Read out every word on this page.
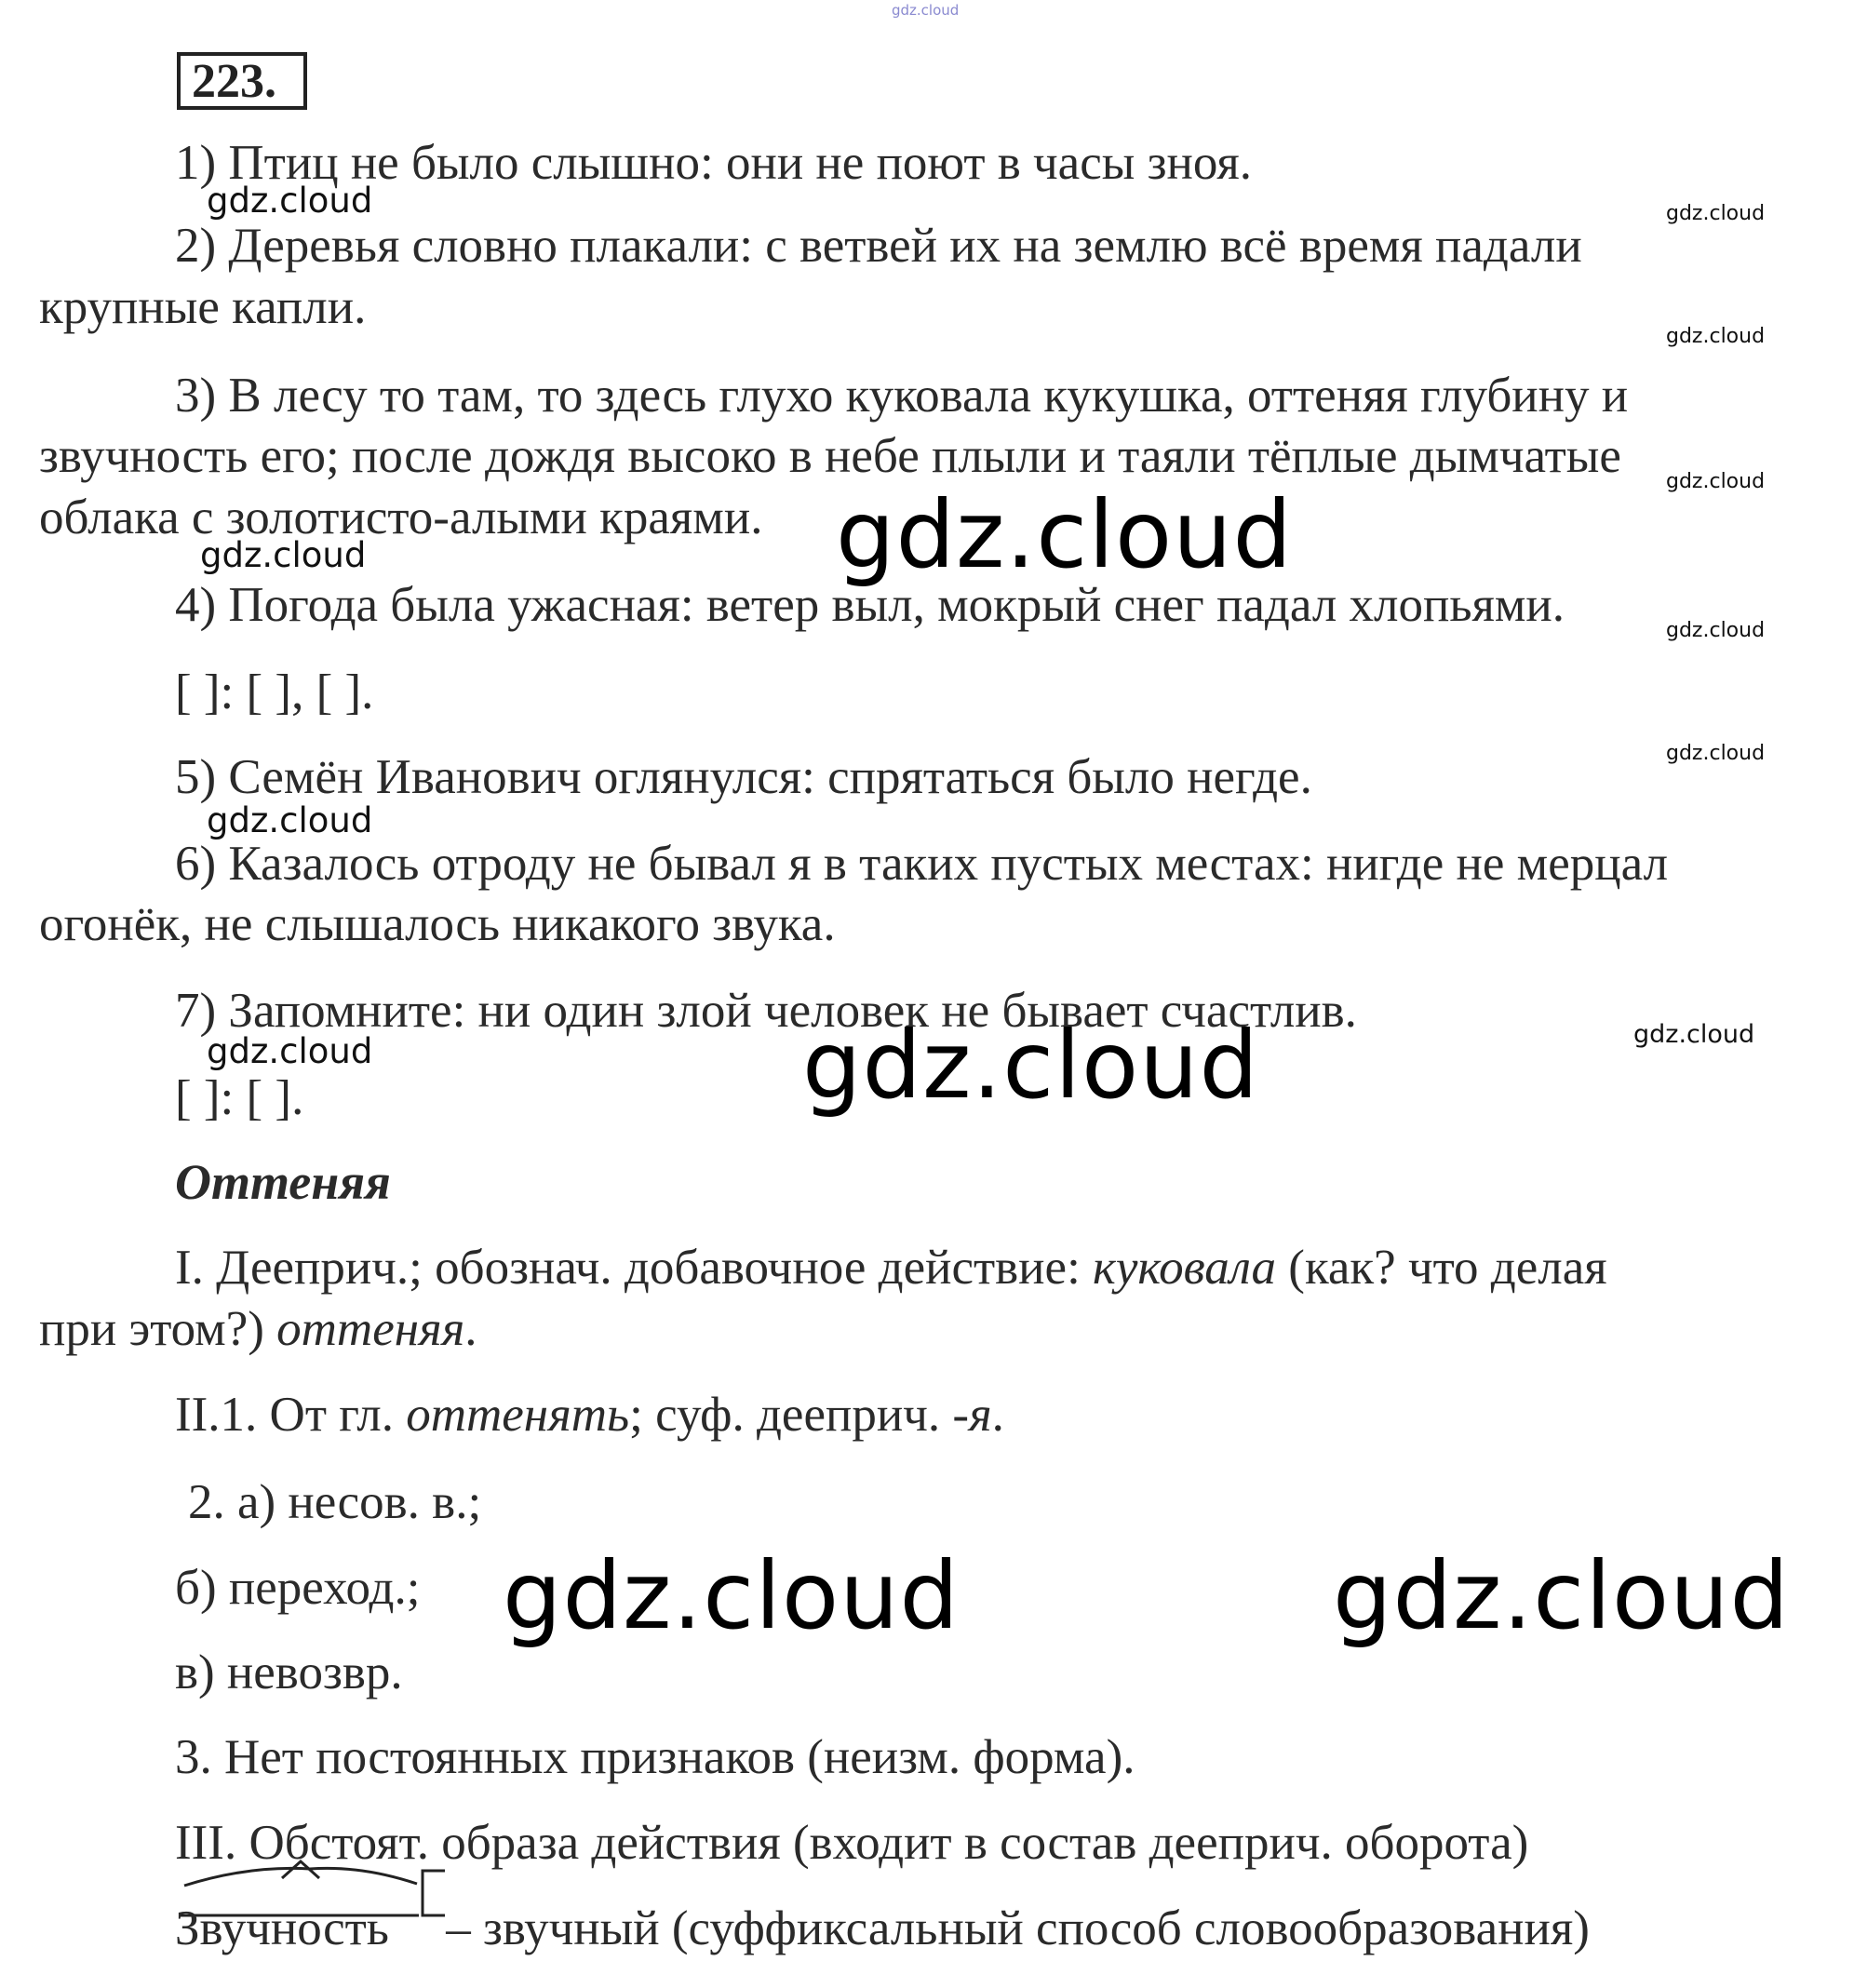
gdz.cloud
223.
1) Птиц не было слышно: они не поют в часы зноя.
2) Деревья словно плакали: с ветвей их на землю всё время падали
крупные капли.
3) В лесу то там, то здесь глухо куковала кукушка, оттеняя глубину и
звучность его; после дождя высоко в небе плыли и таяли тёплые дымчатые
облака с золотисто-алыми краями.
4) Погода была ужасная: ветер выл, мокрый снег падал хлопьями.
[ ]: [ ], [ ].
5) Семён Иванович оглянулся: спрятаться было негде.
6) Казалось отроду не бывал я в таких пустых местах: нигде не мерцал
огонёк, не слышалось никакого звука.
7) Запомните: ни один злой человек не бывает счастлив.
[ ]: [ ].
Оттеняя
I. Дееприч.; обознач. добавочное действие: куковала (как? что делая
при этом?) оттеняя.
II.1. От гл. оттенять; суф. дееприч. -я.
2. а) несов. в.;
б) переход.;
в) невозвр.
3. Нет постоянных признаков (неизм. форма).
III. Обстоят. образа действия (входит в состав дееприч. оборота)
Звучность – звучный (суффиксальный способ словообразования)
gdz.cloud
gdz.cloud
gdz.cloud
gdz.cloud
gdz.cloud
gdz.cloud
gdz.cloud
gdz.cloud
gdz.cloud
gdz.cloud
gdz.cloud
gdz.cloud
gdz.cloud	gdz.cloud
